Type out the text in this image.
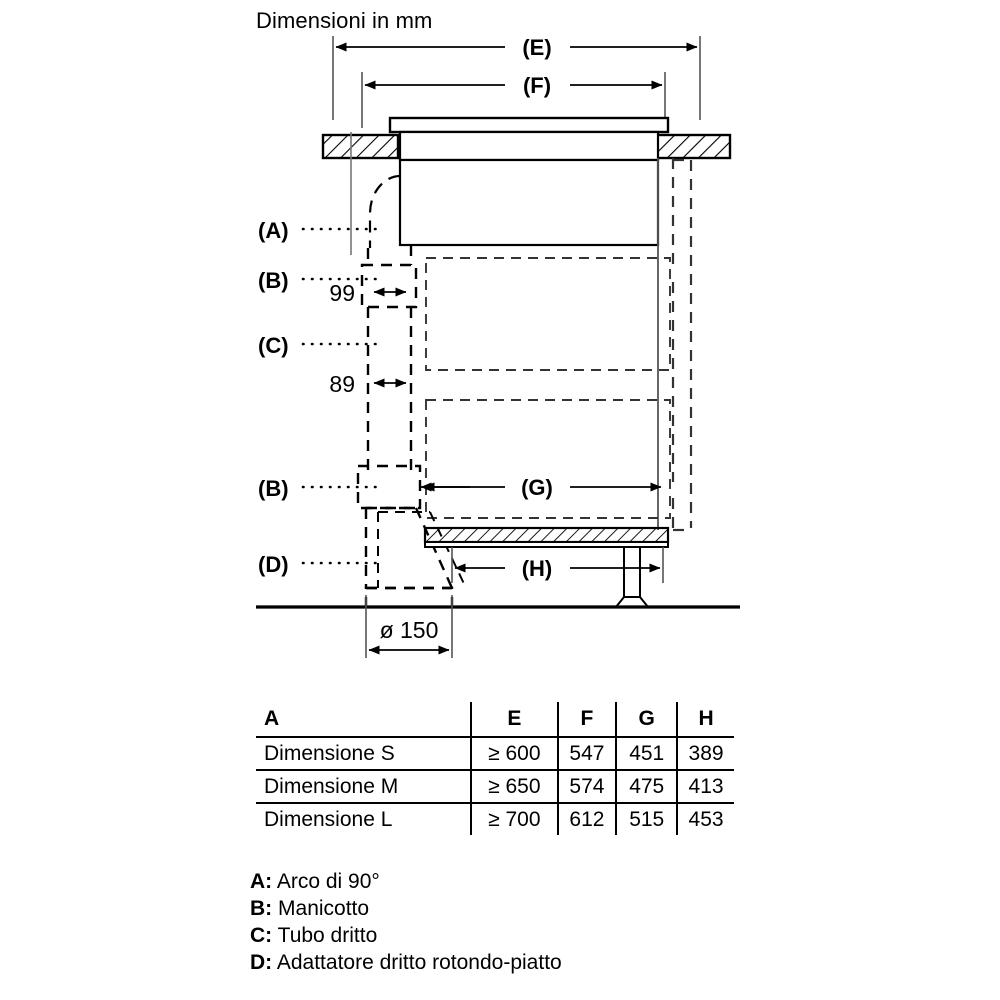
Dimensioni in mm
(E)
(F)
99
89
(G)
(H)
ø 150
(A)
(B)
(C)
(B)
(D)
A	E	F	G	H
Dimensione S	≥ 600	547	451	389
Dimensione M	≥ 650	574	475	413
Dimensione L	≥ 700	612	515	453
A: Arco di 90°
B: Manicotto
C: Tubo dritto
D: Adattatore dritto rotondo-piatto
